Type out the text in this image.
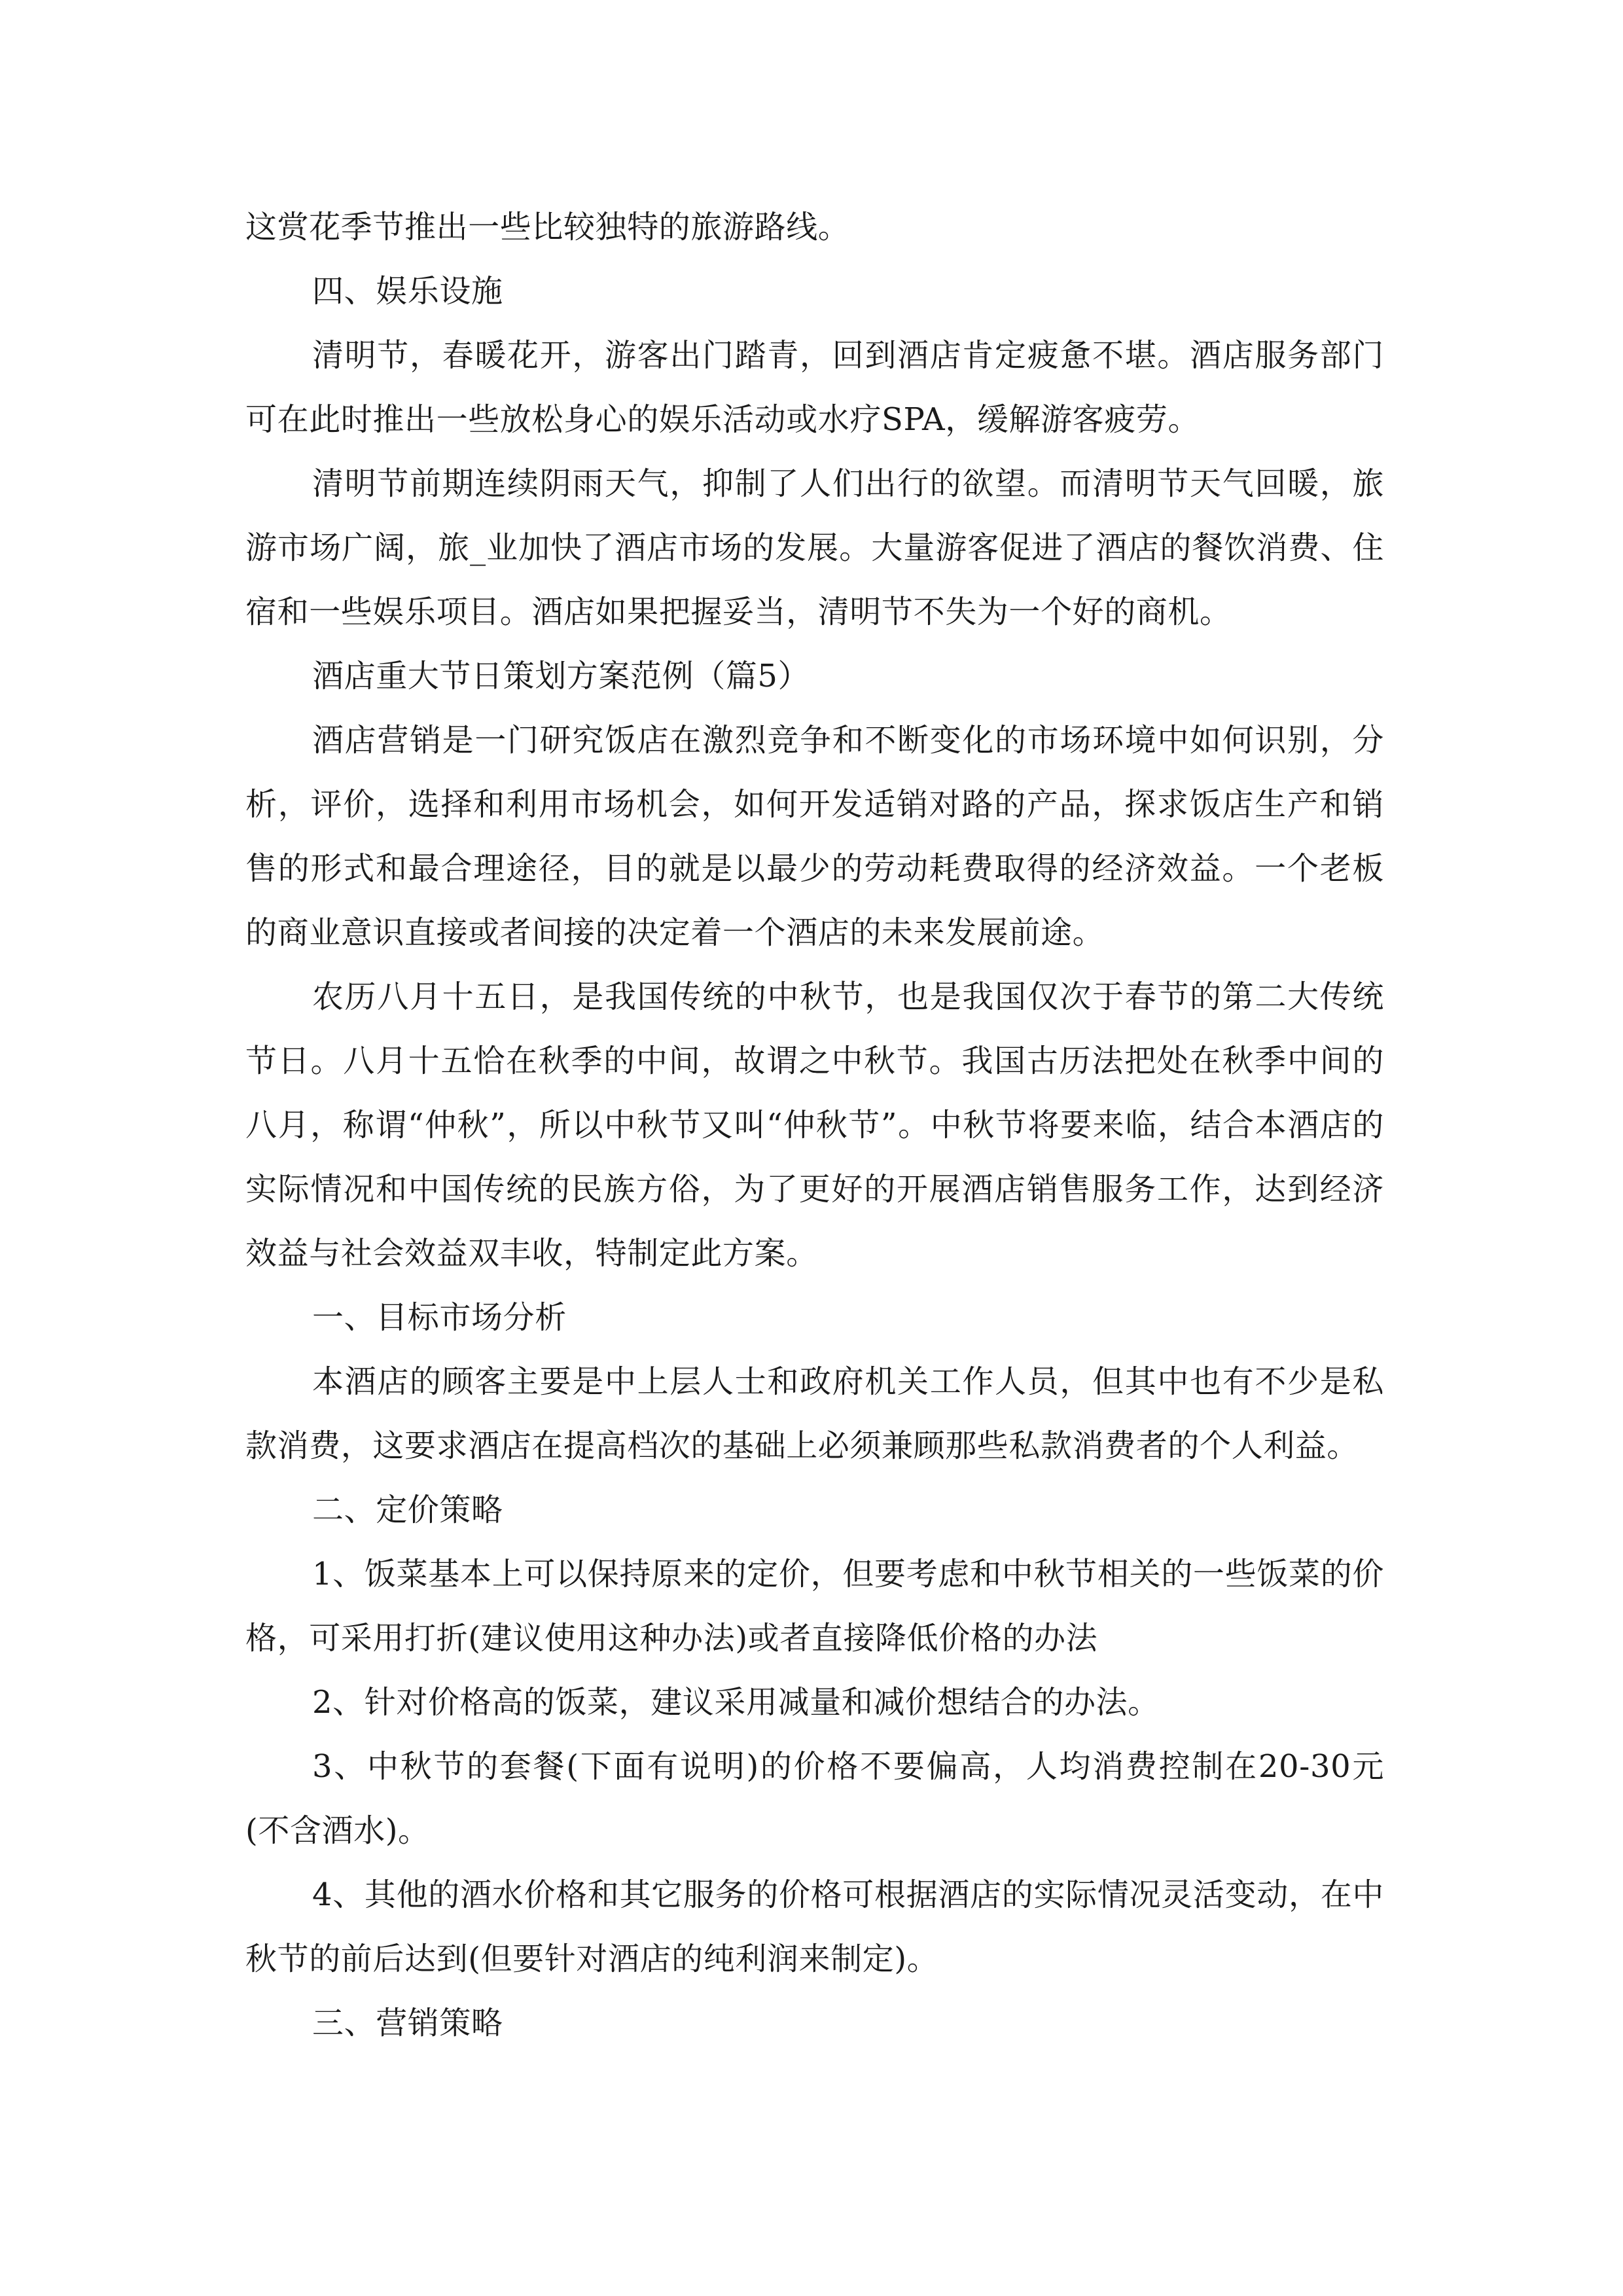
这赏花季节推出一些比较独特的旅游路线。

四、娱乐设施

清明节，春暖花开，游客出门踏青，回到酒店肯定疲惫不堪。酒店服务部门可在此时推出一些放松身心的娱乐活动或水疗SPA，缓解游客疲劳。

清明节前期连续阴雨天气，抑制了人们出行的欲望。而清明节天气回暖，旅游市场广阔，旅_业加快了酒店市场的发展。大量游客促进了酒店的餐饮消费、住宿和一些娱乐项目。酒店如果把握妥当，清明节不失为一个好的商机。

酒店重大节日策划方案范例（篇5）

酒店营销是一门研究饭店在激烈竞争和不断变化的市场环境中如何识别，分析，评价，选择和利用市场机会，如何开发适销对路的产品，探求饭店生产和销售的形式和最合理途径，目的就是以最少的劳动耗费取得的经济效益。一个老板的商业意识直接或者间接的决定着一个酒店的未来发展前途。

农历八月十五日，是我国传统的中秋节，也是我国仅次于春节的第二大传统节日。八月十五恰在秋季的中间，故谓之中秋节。我国古历法把处在秋季中间的八月，称谓“仲秋”，所以中秋节又叫“仲秋节”。中秋节将要来临，结合本酒店的实际情况和中国传统的民族方俗，为了更好的开展酒店销售服务工作，达到经济效益与社会效益双丰收，特制定此方案。

一、目标市场分析

本酒店的顾客主要是中上层人士和政府机关工作人员，但其中也有不少是私款消费，这要求酒店在提高档次的基础上必须兼顾那些私款消费者的个人利益。

二、定价策略

1、饭菜基本上可以保持原来的定价，但要考虑和中秋节相关的一些饭菜的价格，可采用打折(建议使用这种办法)或者直接降低价格的办法

2、针对价格高的饭菜，建议采用减量和减价想结合的办法。

3、中秋节的套餐(下面有说明)的价格不要偏高，人均消费控制在20-30元(不含酒水)。

4、其他的酒水价格和其它服务的价格可根据酒店的实际情况灵活变动，在中秋节的前后达到(但要针对酒店的纯利润来制定)。

三、营销策略
